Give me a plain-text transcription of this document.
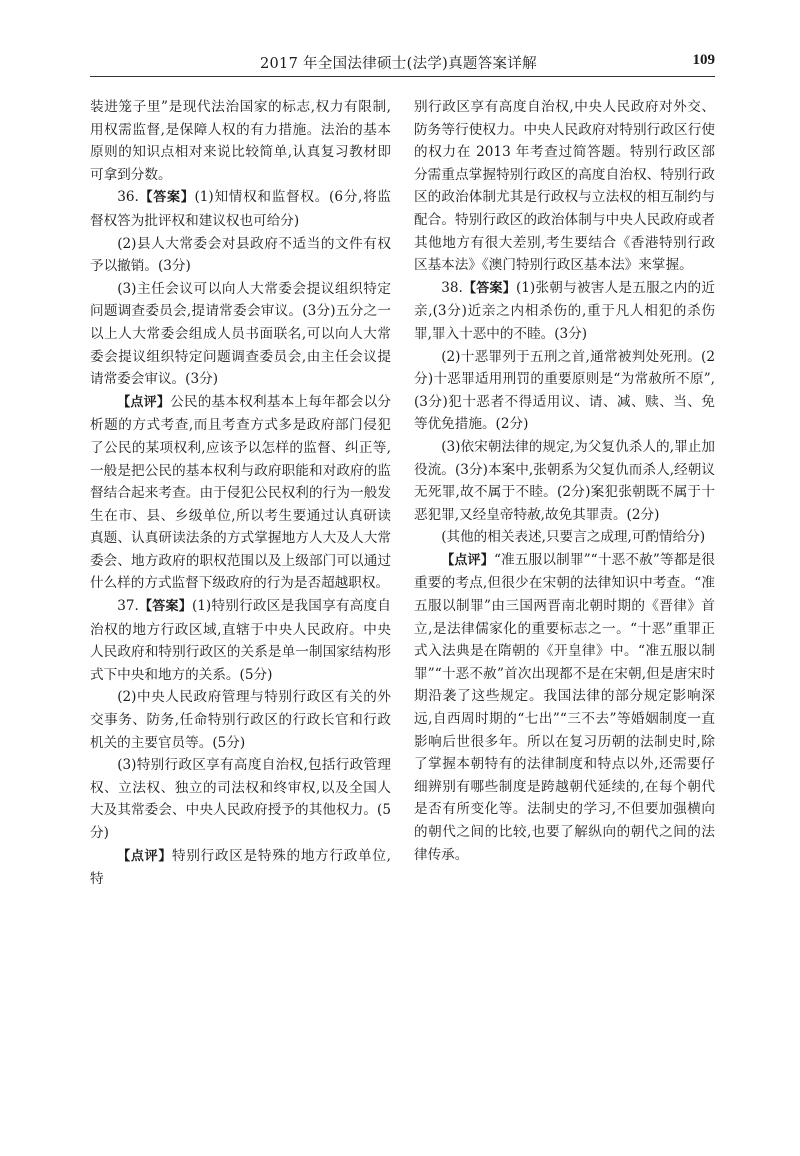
2017 年全国法律硕士(法学)真题答案详解	109

装进笼子里”是现代法治国家的标志,权力有限制,用权需监督,是保障人权的有力措施。法治的基本原则的知识点相对来说比较简单,认真复习教材即可拿到分数。

36.【答案】(1)知情权和监督权。(6分,将监督权答为批评权和建议权也可给分)

(2)县人大常委会对县政府不适当的文件有权予以撤销。(3分)

(3)主任会议可以向人大常委会提议组织特定问题调查委员会,提请常委会审议。(3分)五分之一以上人大常委会组成人员书面联名,可以向人大常委会提议组织特定问题调查委员会,由主任会议提请常委会审议。(3分)

【点评】公民的基本权利基本上每年都会以分析题的方式考查,而且考查方式多是政府部门侵犯了公民的某项权利,应该予以怎样的监督、纠正等,一般是把公民的基本权利与政府职能和对政府的监督结合起来考查。由于侵犯公民权利的行为一般发生在市、县、乡级单位,所以考生要通过认真研读真题、认真研读法条的方式掌握地方人大及人大常委会、地方政府的职权范围以及上级部门可以通过什么样的方式监督下级政府的行为是否超越职权。

37.【答案】(1)特别行政区是我国享有高度自治权的地方行政区域,直辖于中央人民政府。中央人民政府和特别行政区的关系是单一制国家结构形式下中央和地方的关系。(5分)

(2)中央人民政府管理与特别行政区有关的外交事务、防务,任命特别行政区的行政长官和行政机关的主要官员等。(5分)

(3)特别行政区享有高度自治权,包括行政管理权、立法权、独立的司法权和终审权,以及全国人大及其常委会、中央人民政府授予的其他权力。(5分)

【点评】特别行政区是特殊的地方行政单位,特

别行政区享有高度自治权,中央人民政府对外交、防务等行使权力。中央人民政府对特别行政区行使的权力在 2013 年考查过简答题。特别行政区部分需重点掌握特别行政区的高度自治权、特别行政区的政治体制尤其是行政权与立法权的相互制约与配合。特别行政区的政治体制与中央人民政府或者其他地方有很大差别,考生要结合《香港特别行政区基本法》《澳门特别行政区基本法》来掌握。

38.【答案】(1)张朝与被害人是五服之内的近亲,(3分)近亲之内相杀伤的,重于凡人相犯的杀伤罪,罪入十恶中的不睦。(3分)

(2)十恶罪列于五刑之首,通常被判处死刑。(2分)十恶罪适用刑罚的重要原则是“为常赦所不原”,(3分)犯十恶者不得适用议、请、减、赎、当、免等优免措施。(2分)

(3)依宋朝法律的规定,为父复仇杀人的,罪止加役流。(3分)本案中,张朝系为父复仇而杀人,经朝议无死罪,故不属于不睦。(2分)案犯张朝既不属于十恶犯罪,又经皇帝特赦,故免其罪责。(2分)

(其他的相关表述,只要言之成理,可酌情给分)

【点评】“准五服以制罪”“十恶不赦”等都是很重要的考点,但很少在宋朝的法律知识中考查。“准五服以制罪”由三国两晋南北朝时期的《晋律》首立,是法律儒家化的重要标志之一。“十恶”重罪正式入法典是在隋朝的《开皇律》中。“准五服以制罪”“十恶不赦”首次出现都不是在宋朝,但是唐宋时期沿袭了这些规定。我国法律的部分规定影响深远,自西周时期的“七出”“三不去”等婚姻制度一直影响后世很多年。所以在复习历朝的法制史时,除了掌握本朝特有的法律制度和特点以外,还需要仔细辨别有哪些制度是跨越朝代延续的,在每个朝代是否有所变化等。法制史的学习,不但要加强横向的朝代之间的比较,也要了解纵向的朝代之间的法律传承。
